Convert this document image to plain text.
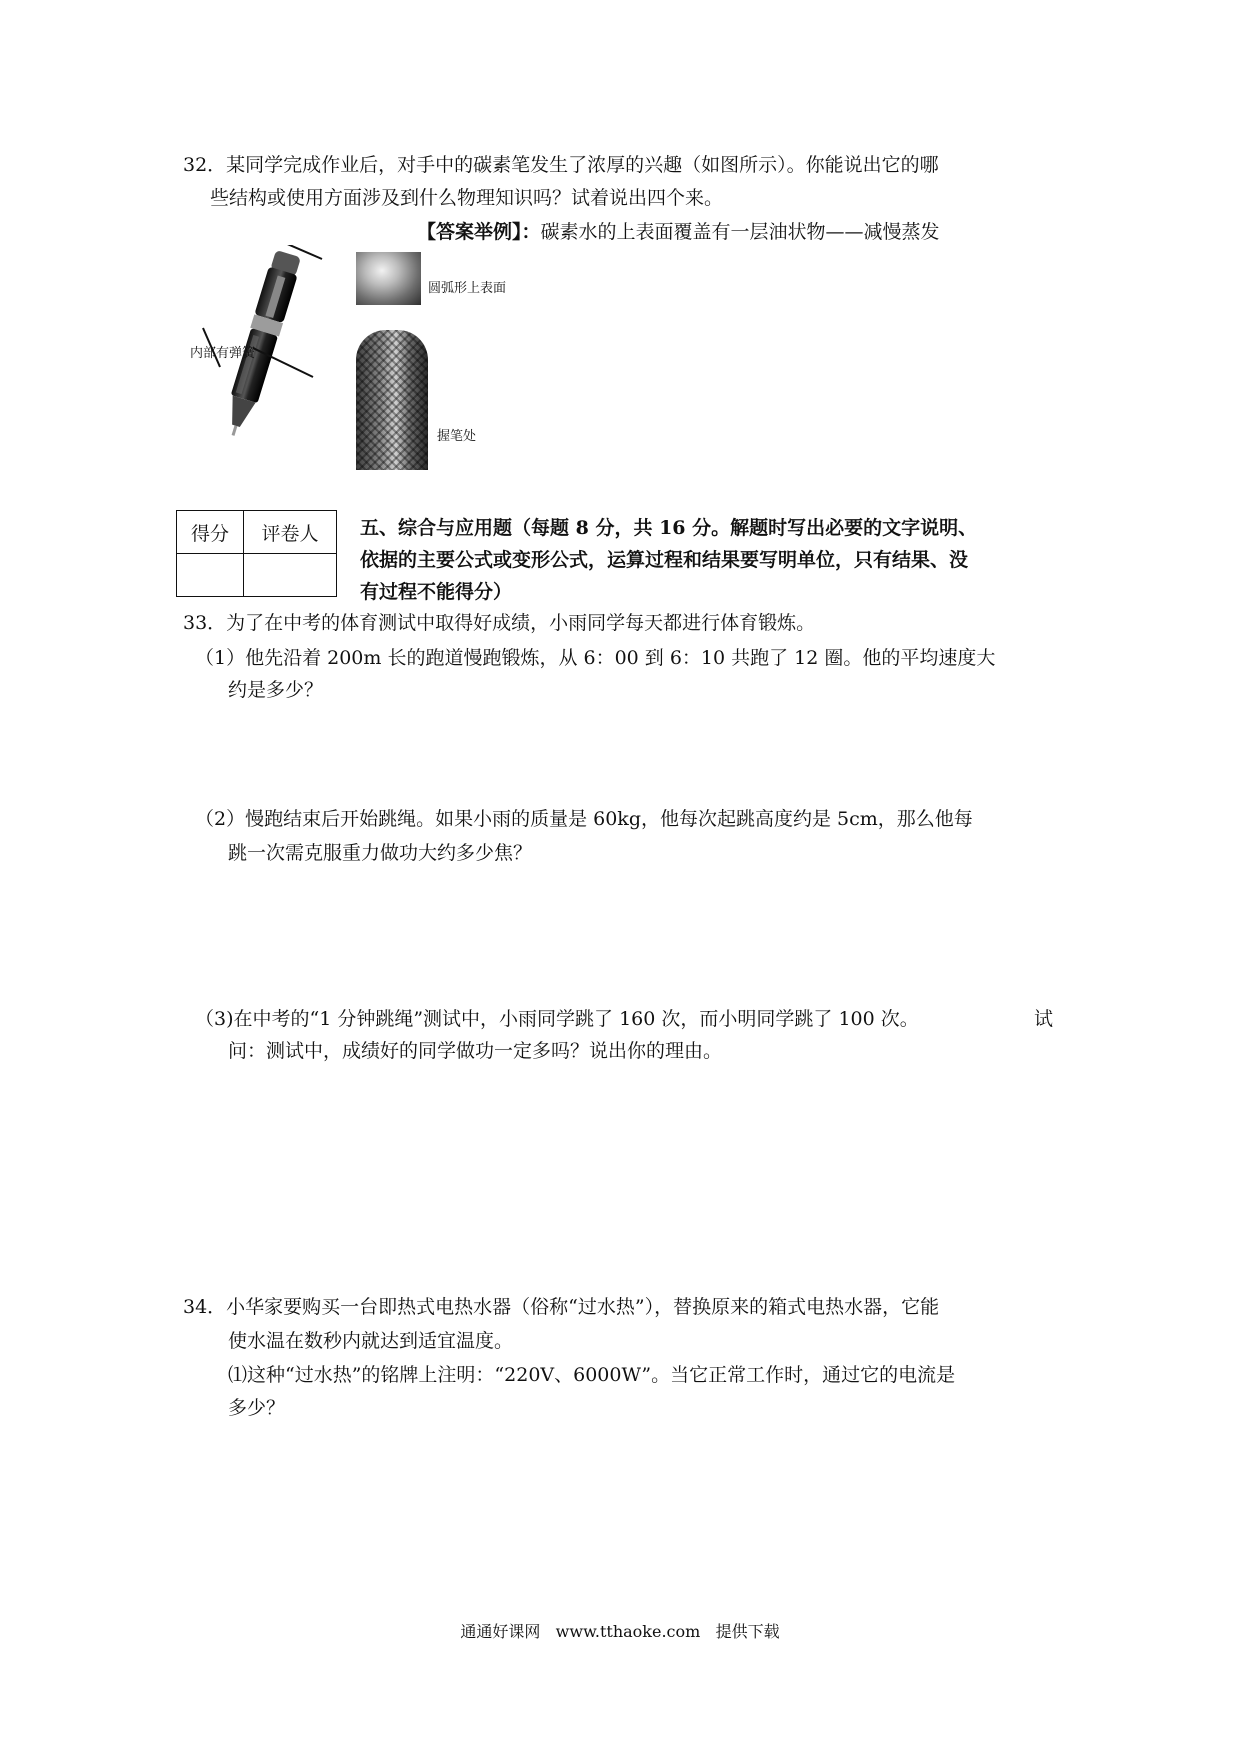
32．某同学完成作业后，对手中的碳素笔发生了浓厚的兴趣（如图所示）。你能说出它的哪
些结构或使用方面涉及到什么物理知识吗？试着说出四个来。
【答案举例】：碳素水的上表面覆盖有一层油状物——减慢蒸发
圆弧形上表面
内部有弹簧
握笔处
得分	评卷人
	五、综合与应用题（每题 8 分，共 16 分。解题时写出必要的文字说明、
依据的主要公式或变形公式，运算过程和结果要写明单位，只有结果、没
有过程不能得分）
33．为了在中考的体育测试中取得好成绩，小雨同学每天都进行体育锻炼。
（1）他先沿着 200m 长的跑道慢跑锻炼，从 6：00 到 6：10 共跑了 12 圈。他的平均速度大
约是多少？
（2）慢跑结束后开始跳绳。如果小雨的质量是 60kg，他每次起跳高度约是 5cm，那么他每
跳一次需克服重力做功大约多少焦？
（3)在中考的“1 分钟跳绳”测试中，小雨同学跳了 160 次，而小明同学跳了 100 次。	试
问：测试中，成绩好的同学做功一定多吗？说出你的理由。
34．小华家要购买一台即热式电热水器（俗称“过水热”），替换原来的箱式电热水器，它能
使水温在数秒内就达到适宜温度。
⑴这种“过水热”的铭牌上注明：“220V、6000W”。当它正常工作时，通过它的电流是
多少？
通通好课网   www.tthaoke.com   提供下载
